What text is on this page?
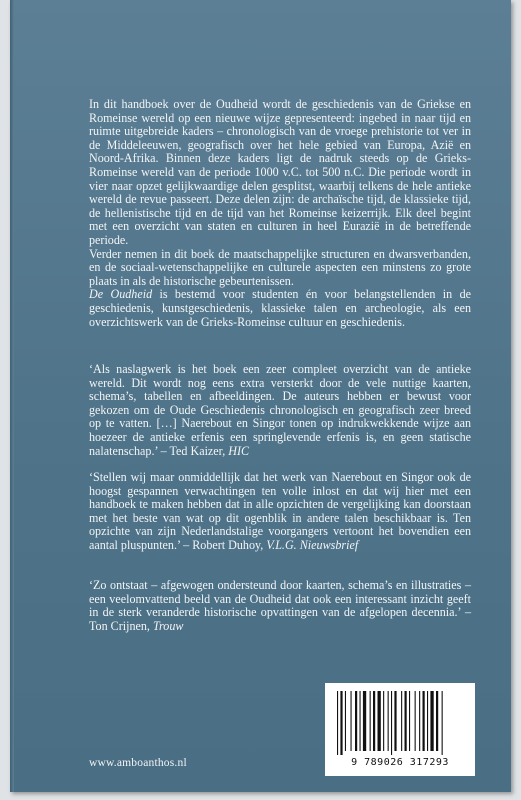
In dit handboek over de Oudheid wordt de geschiedenis van de Griekse en Romeinse wereld op een nieuwe wijze gepresenteerd: ingebed in naar tijd en ruimte uitgebreide kaders – chronologisch van de vroege prehistorie tot ver in de Middeleeuwen, geografisch over het hele gebied van Europa, Azië en Noord-Afrika. Binnen deze kaders ligt de nadruk steeds op de Grieks-Romeinse wereld van de periode 1000 v.C. tot 500 n.C. Die periode wordt in vier naar opzet gelijkwaardige delen gesplitst, waarbij telkens de hele antieke wereld de revue passeert. Deze delen zijn: de archaïsche tijd, de klassieke tijd, de hellenistische tijd en de tijd van het Romeinse keizerrijk. Elk deel begint met een overzicht van staten en culturen in heel Eurazië in de betreffende periode.

Verder nemen in dit boek de maatschappelijke structuren en dwarsverbanden, en de sociaal-wetenschappelijke en culturele aspecten een minstens zo grote plaats in als de historische gebeurtenissen.

De Oudheid is bestemd voor studenten én voor belangstellenden in de geschiedenis, kunstgeschiedenis, klassieke talen en archeologie, als een overzichtswerk van de Grieks-Romeinse cultuur en geschiedenis.

‘Als naslagwerk is het boek een zeer compleet overzicht van de antieke wereld. Dit wordt nog eens extra versterkt door de vele nuttige kaarten, schema’s, tabellen en afbeeldingen. De auteurs hebben er bewust voor gekozen om de Oude Geschiedenis chronologisch en geografisch zeer breed op te vatten. […] Naerebout en Singor tonen op indrukwekkende wijze aan hoezeer de antieke erfenis een springlevende erfenis is, en geen statische nalatenschap.’ – Ted Kaizer, HIC

‘Stellen wij maar onmiddellijk dat het werk van Naerebout en Singor ook de hoogst gespannen verwachtingen ten volle inlost en dat wij hier met een handboek te maken hebben dat in alle opzichten de vergelijking kan doorstaan met het beste van wat op dit ogenblik in andere talen beschikbaar is. Ten opzichte van zijn Nederlandstalige voorgangers vertoont het bovendien een aantal pluspunten.’ – Robert Duhoy, V.L.G. Nieuwsbrief

‘Zo ontstaat – afgewogen ondersteund door kaarten, schema’s en illustraties – een veelomvattend beeld van de Oudheid dat ook een interessant inzicht geeft in de sterk veranderde historische opvattingen van de afgelopen decennia.’ – Ton Crijnen, Trouw

www.amboanthos.nl	9 789026 317293
